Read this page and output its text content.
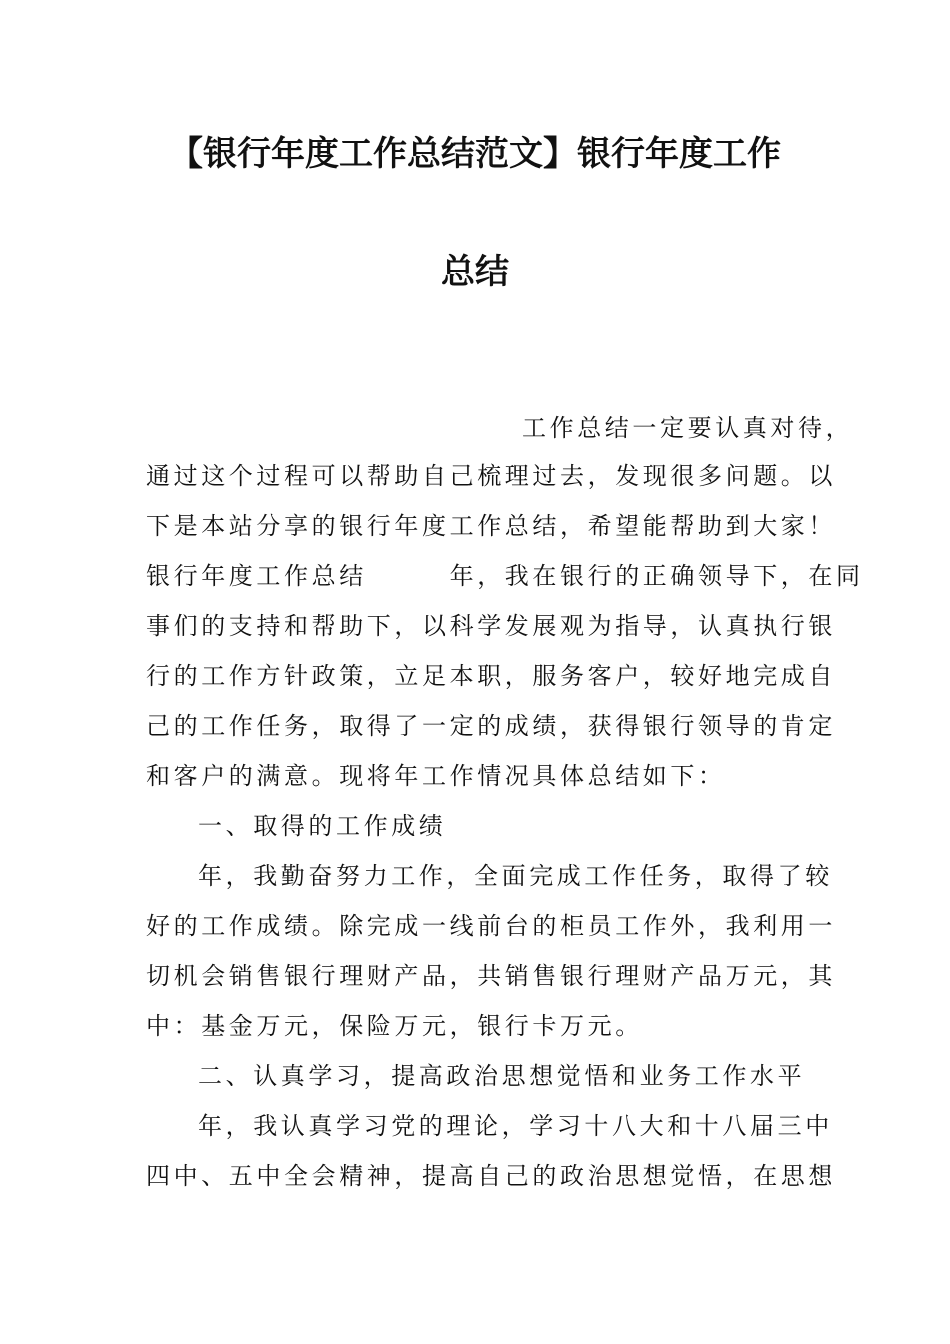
【银行年度工作总结范文】银行年度工作
总结
工作总结一定要认真对待，
通过这个过程可以帮助自己梳理过去，发现很多问题。以
下是本站分享的银行年度工作总结，希望能帮助到大家！
银行年度工作总结　　　年，我在银行的正确领导下，在同
事们的支持和帮助下，以科学发展观为指导，认真执行银
行的工作方针政策，立足本职，服务客户，较好地完成自
己的工作任务，取得了一定的成绩，获得银行领导的肯定
和客户的满意。现将年工作情况具体总结如下：
一、取得的工作成绩
年，我勤奋努力工作，全面完成工作任务，取得了较
好的工作成绩。除完成一线前台的柜员工作外，我利用一
切机会销售银行理财产品，共销售银行理财产品万元，其
中：基金万元，保险万元，银行卡万元。
二、认真学习，提高政治思想觉悟和业务工作水平
年，我认真学习党的理论，学习十八大和十八届三中
四中、五中全会精神，提高自己的政治思想觉悟，在思想
